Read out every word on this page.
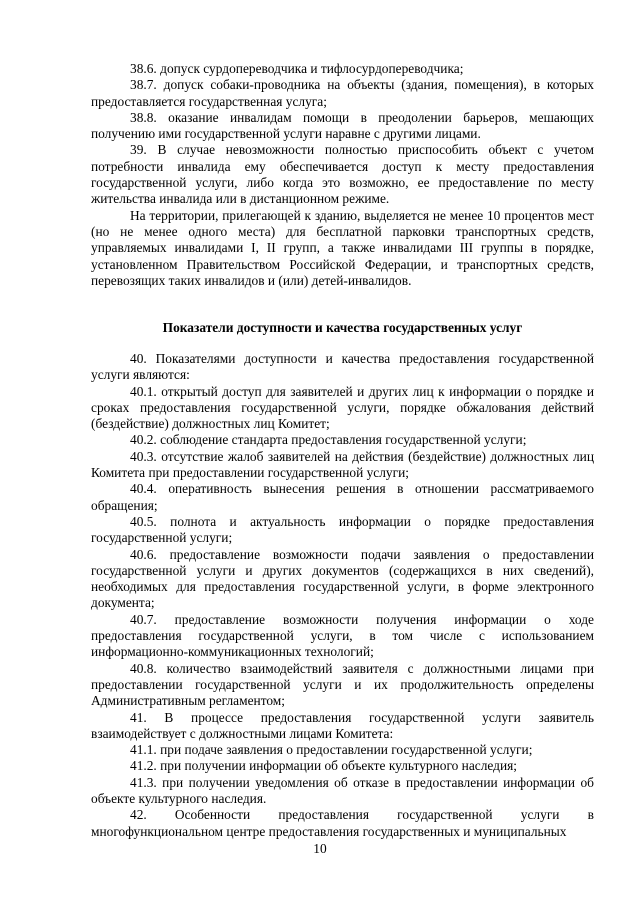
38.6. допуск сурдопереводчика и тифлосурдопереводчика;

38.7. допуск собаки-проводника на объекты (здания, помещения), в которых предоставляется государственная услуга;

38.8. оказание инвалидам помощи в преодолении барьеров, мешающих получению ими государственной услуги наравне с другими лицами.

39. В случае невозможности полностью приспособить объект с учетом потребности инвалида ему обеспечивается доступ к месту предоставления государственной услуги, либо когда это возможно, ее предоставление по месту жительства инвалида или в дистанционном режиме.

На территории, прилегающей к зданию, выделяется не менее 10 процентов мест (но не менее одного места) для бесплатной парковки транспортных средств, управляемых инвалидами I, II групп, а также инвалидами III группы в порядке, установленном Правительством Российской Федерации, и транспортных средств, перевозящих таких инвалидов и (или) детей-инвалидов.

Показатели доступности и качества государственных услуг

40. Показателями доступности и качества предоставления государственной услуги являются:

40.1. открытый доступ для заявителей и других лиц к информации о порядке и сроках предоставления государственной услуги, порядке обжалования действий (бездействие) должностных лиц Комитет;

40.2. соблюдение стандарта предоставления государственной услуги;

40.3. отсутствие жалоб заявителей на действия (бездействие) должностных лиц Комитета при предоставлении государственной услуги;

40.4. оперативность вынесения решения в отношении рассматриваемого обращения;

40.5. полнота и актуальность информации о порядке предоставления государственной услуги;

40.6. предоставление возможности подачи заявления о предоставлении государственной услуги и других документов (содержащихся в них сведений), необходимых для предоставления государственной услуги, в форме электронного документа;

40.7. предоставление возможности получения информации о ходе предоставления государственной услуги, в том числе с использованием информационно-коммуникационных технологий;

40.8. количество взаимодействий заявителя с должностными лицами при предоставлении государственной услуги и их продолжительность определены Административным регламентом;

41. В процессе предоставления государственной услуги заявитель взаимодействует с должностными лицами Комитета:

41.1. при подаче заявления о предоставлении государственной услуги;

41.2. при получении информации об объекте культурного наследия;

41.3. при получении уведомления об отказе в предоставлении информации об объекте культурного наследия.

42. Особенности предоставления государственной услуги в многофункциональном центре предоставления государственных и муниципальных

10
